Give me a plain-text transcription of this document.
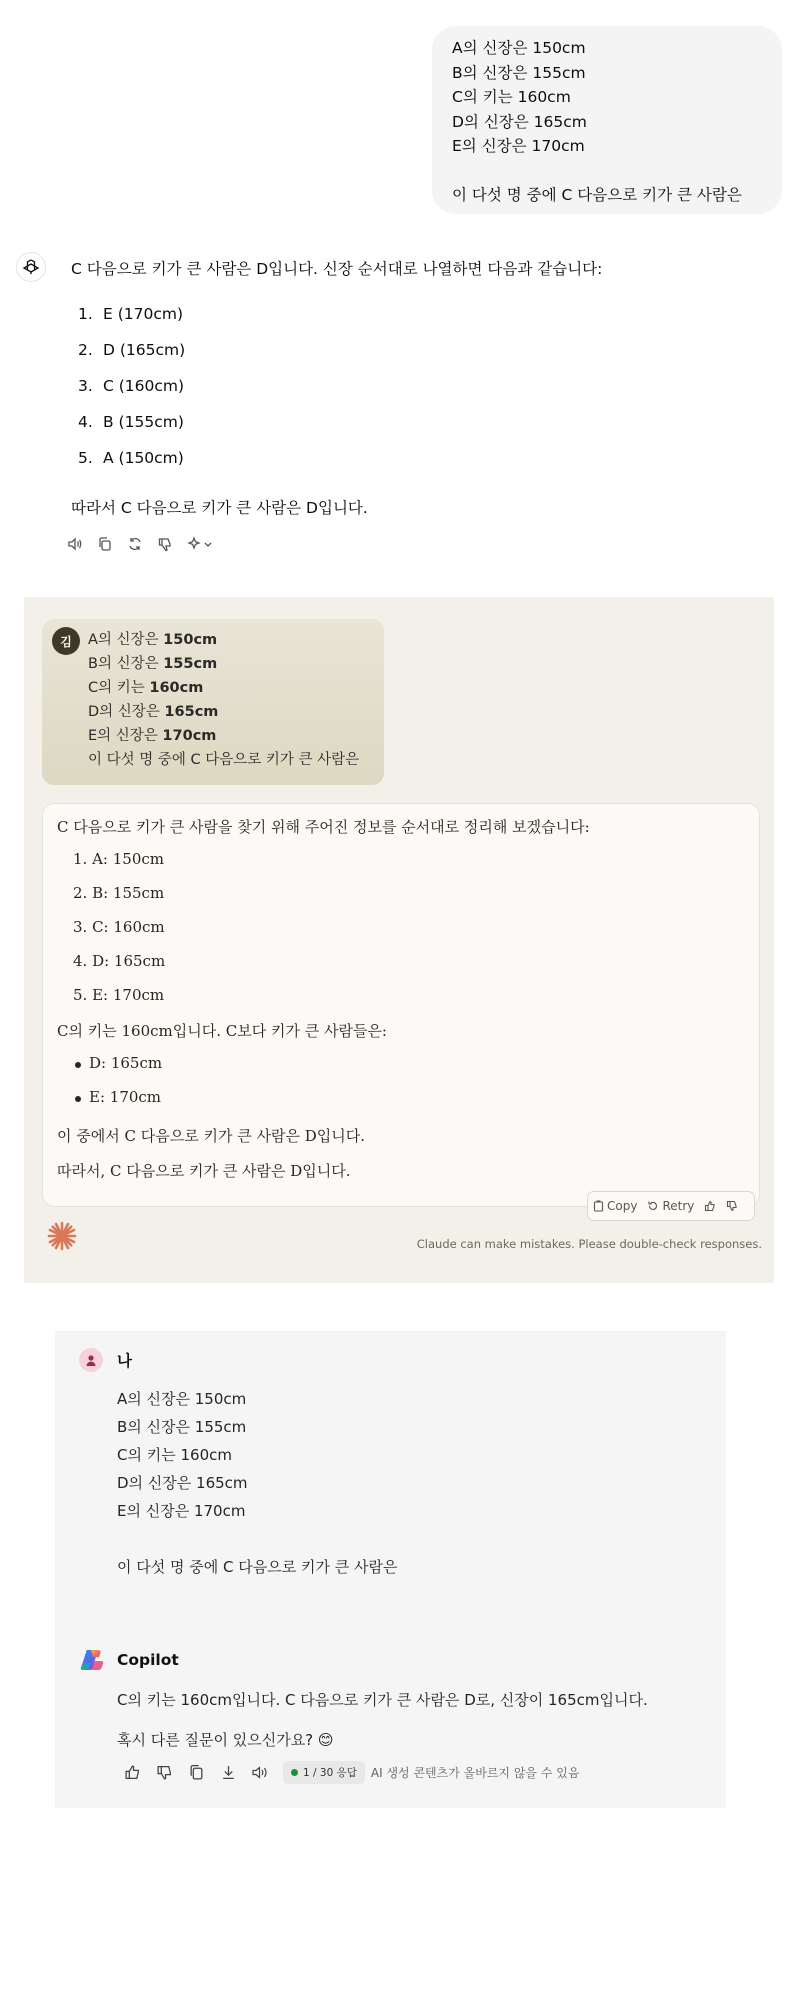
A의 신장은 150cm
B의 신장은 155cm
C의 키는 160cm
D의 신장은 165cm
E의 신장은 170cm
이 다섯 명 중에 C 다음으로 키가 큰 사람은
C 다음으로 키가 큰 사람은 D입니다. 신장 순서대로 나열하면 다음과 같습니다:
1. E (170cm)
2. D (165cm)
3. C (160cm)
4. B (155cm)
5. A (150cm)
따라서 C 다음으로 키가 큰 사람은 D입니다.
김	A의 신장은 150cm
B의 신장은 155cm
C의 키는 160cm
D의 신장은 165cm
E의 신장은 170cm
이 다섯 명 중에 C 다음으로 키가 큰 사람은
C 다음으로 키가 큰 사람을 찾기 위해 주어진 정보를 순서대로 정리해 보겠습니다:
1. A: 150cm
2. B: 155cm
3. C: 160cm
4. D: 165cm
5. E: 170cm
C의 키는 160cm입니다. C보다 키가 큰 사람들은:
D: 165cm
E: 170cm
이 중에서 C 다음으로 키가 큰 사람은 D입니다.
따라서, C 다음으로 키가 큰 사람은 D입니다.
Copy Retry
Claude can make mistakes. Please double-check responses.
나
A의 신장은 150cm
B의 신장은 155cm
C의 키는 160cm
D의 신장은 165cm
E의 신장은 170cm
이 다섯 명 중에 C 다음으로 키가 큰 사람은
Copilot
C의 키는 160cm입니다. C 다음으로 키가 큰 사람은 D로, 신장이 165cm입니다.
혹시 다른 질문이 있으신가요? 😊
1 / 30 응답 AI 생성 콘텐츠가 올바르지 않을 수 있음
